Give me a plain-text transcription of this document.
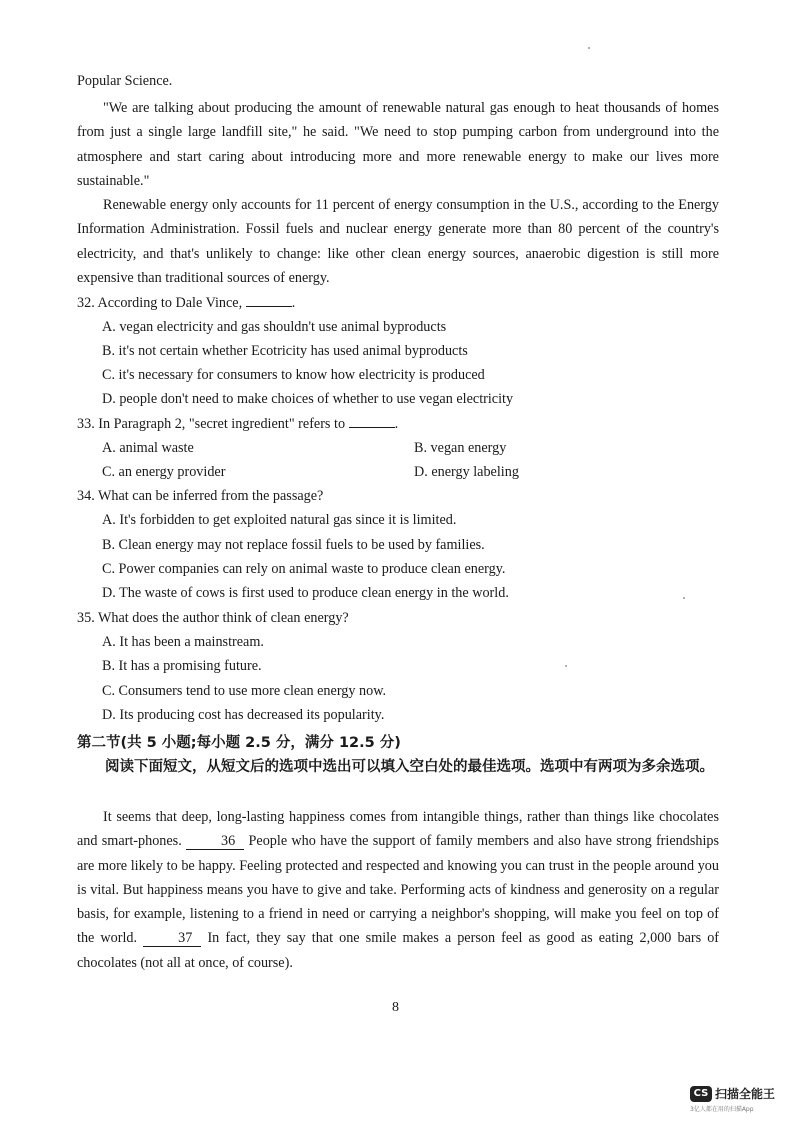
Popular Science.
"We are talking about producing the amount of renewable natural gas enough to heat thousands of homes from just a single large landfill site," he said. "We need to stop pumping carbon from underground into the atmosphere and start caring about introducing more and more renewable energy to make our lives more sustainable."
Renewable energy only accounts for 11 percent of energy consumption in the U.S., according to the Energy Information Administration. Fossil fuels and nuclear energy generate more than 80 percent of the country's electricity, and that's unlikely to change: like other clean energy sources, anaerobic digestion is still more expensive than traditional sources of energy.
32. According to Dale Vince,	.
A. vegan electricity and gas shouldn't use animal byproducts
B. it's not certain whether Ecotricity has used animal byproducts
C. it's necessary for consumers to know how electricity is produced
D. people don't need to make choices of whether to use vegan electricity
33. In Paragraph 2, "secret ingredient" refers to	.
A. animal waste	B. vegan energy
C. an energy provider	D. energy labeling
34. What can be inferred from the passage?
A. It's forbidden to get exploited natural gas since it is limited.
B. Clean energy may not replace fossil fuels to be used by families.
C. Power companies can rely on animal waste to produce clean energy.
D. The waste of cows is first used to produce clean energy in the world.
35. What does the author think of clean energy?
A. It has been a mainstream.
B. It has a promising future.
C. Consumers tend to use more clean energy now.
D. Its producing cost has decreased its popularity.
第二节(共 5 小题;每小题 2.5 分，满分 12.5 分)
阅读下面短文，从短文后的选项中选出可以填入空白处的最佳选项。选项中有两项为多余选项。
It seems that deep, long-lasting happiness comes from intangible things, rather than things like chocolates and smart-phones.	36 People who have the support of family members and also have strong friendships are more likely to be happy. Feeling protected and respected and knowing you can trust in the people around you is vital. But happiness means you have to give and take. Performing acts of kindness and generosity on a regular basis, for example, listening to a friend in need or carrying a neighbor's shopping, will make you feel on top of the world.	37 In fact, they say that one smile makes a person feel as good as eating 2,000 bars of chocolates (not all at once, of course).
8
CS 扫描全能王
3亿人都在用的扫描App
